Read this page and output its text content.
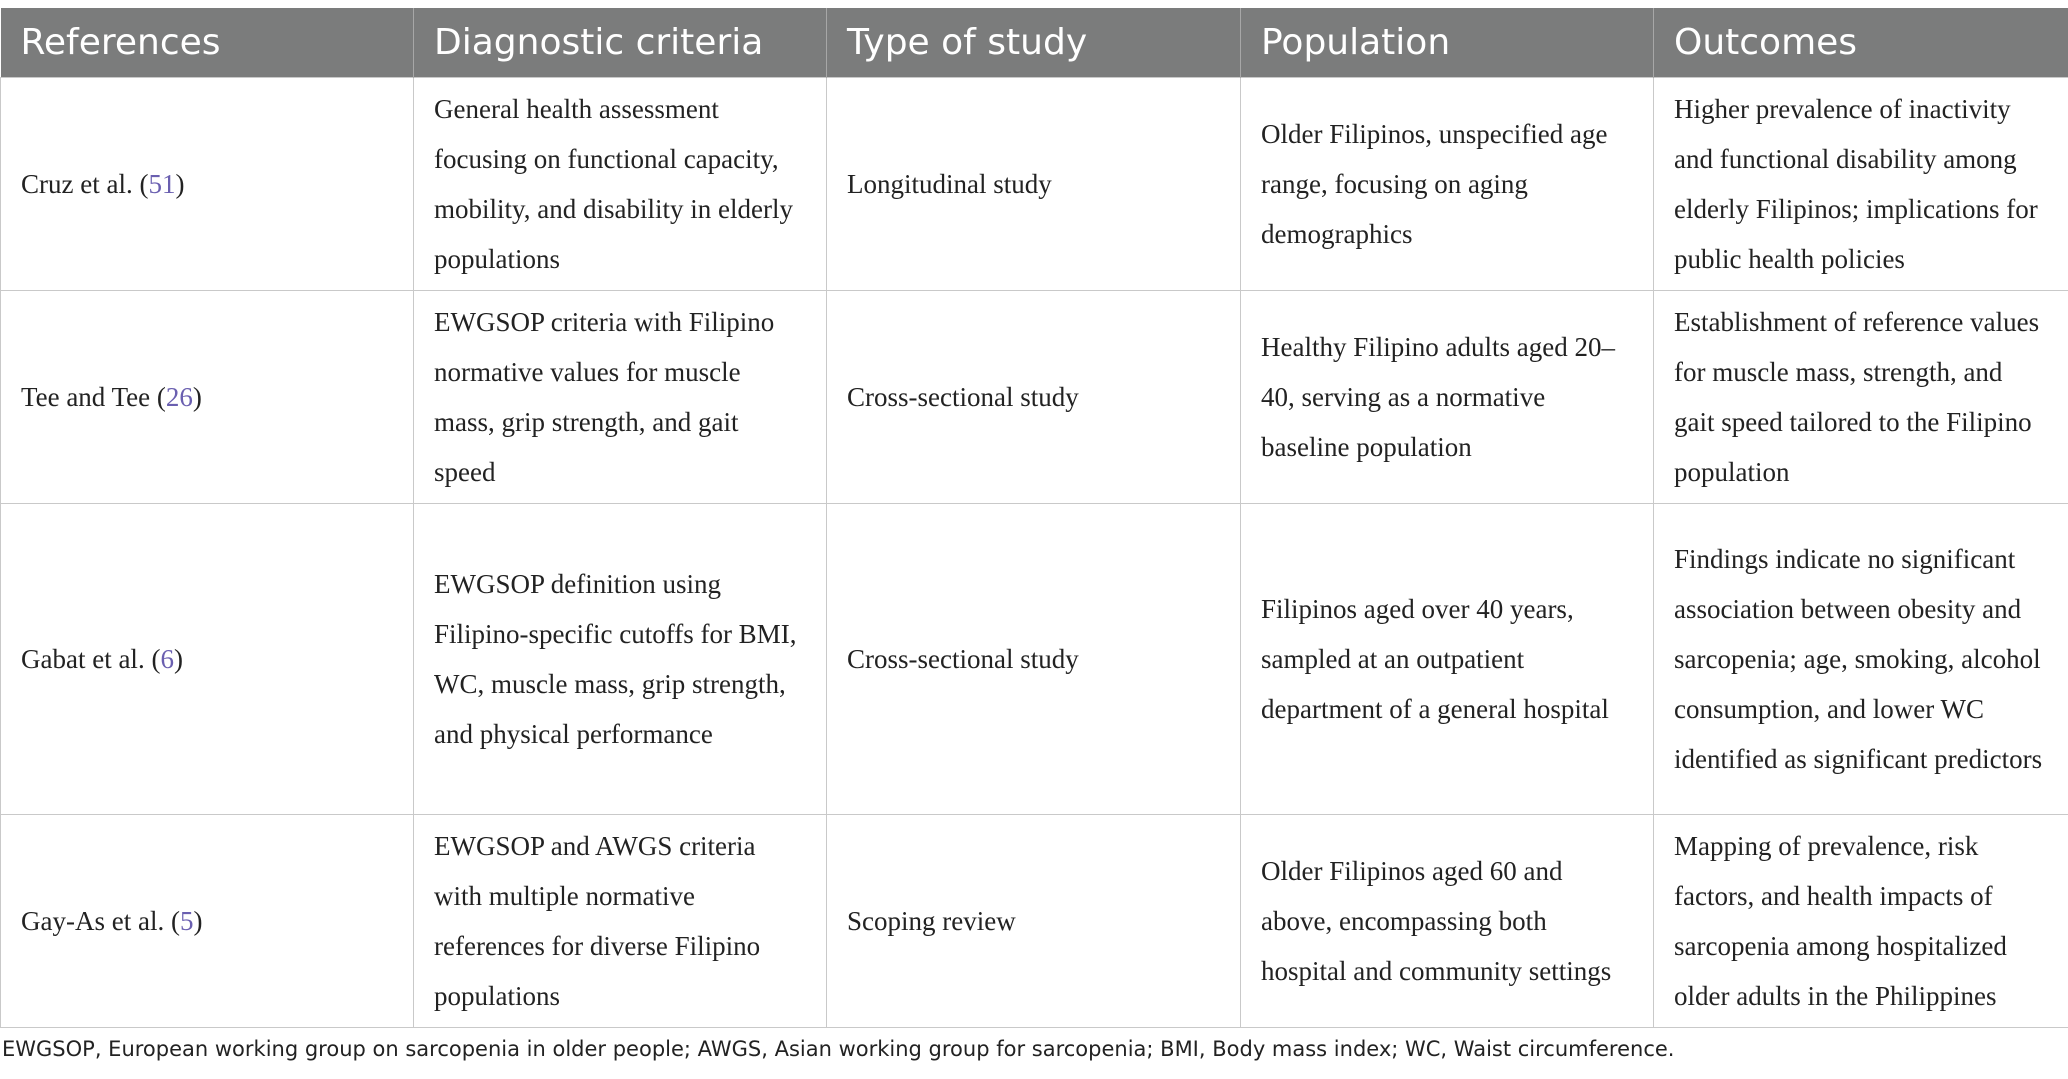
References	Diagnostic criteria	Type of study	Population	Outcomes
Cruz et al. (51)	General health assessment focusing on functional capacity, mobility, and disability in elderly populations	Longitudinal study	Older Filipinos, unspecified age range, focusing on aging demographics	Higher prevalence of inactivity and functional disability among elderly Filipinos; implications for public health policies
Tee and Tee (26)	EWGSOP criteria with Filipino normative values for muscle mass, grip strength, and gait speed	Cross-sectional study	Healthy Filipino adults aged 20–40, serving as a normative baseline population	Establishment of reference values for muscle mass, strength, and gait speed tailored to the Filipino population
Gabat et al. (6)	EWGSOP definition using Filipino-specific cutoffs for BMI, WC, muscle mass, grip strength, and physical performance	Cross-sectional study	Filipinos aged over 40 years, sampled at an outpatient department of a general hospital	Findings indicate no significant association between obesity and sarcopenia; age, smoking, alcohol consumption, and lower WC identified as significant predictors
Gay-As et al. (5)	EWGSOP and AWGS criteria with multiple normative references for diverse Filipino populations	Scoping review	Older Filipinos aged 60 and above, encompassing both hospital and community settings	Mapping of prevalence, risk factors, and health impacts of sarcopenia among hospitalized older adults in the Philippines
EWGSOP, European working group on sarcopenia in older people; AWGS, Asian working group for sarcopenia; BMI, Body mass index; WC, Waist circumference.
